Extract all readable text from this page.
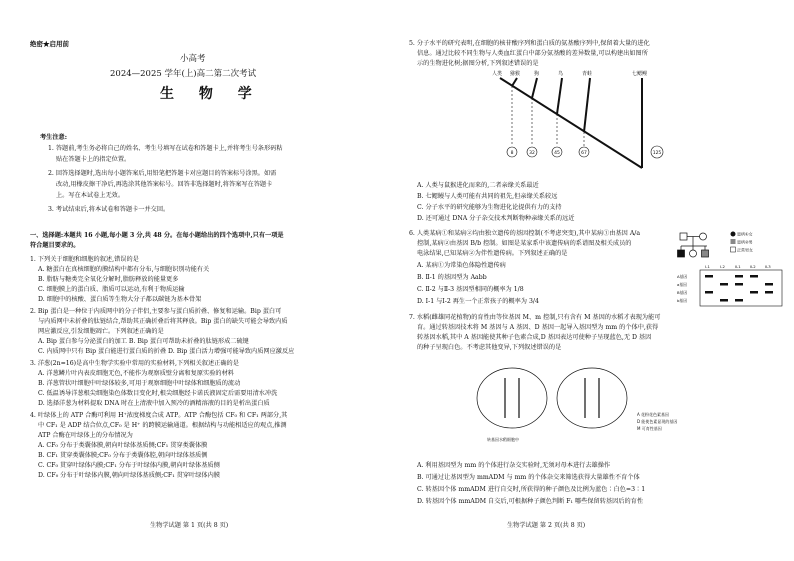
绝密★启用前
小高考
2024—2025 学年(上)高二第二次考试
生 物 学
考生注意:
1. 答题前,考生务必将自己的姓名、考生号填写在试卷和答题卡上,并将考生号条形码粘
贴在答题卡上的指定位置。
2. 回答选择题时,选出每小题答案后,用铅笔把答题卡对应题目的答案标号涂黑。如需
改动,用橡皮擦干净后,再选涂其他答案标号。回答非选择题时,将答案写在答题卡
上。写在本试卷上无效。
3. 考试结束后,将本试卷和答题卡一并交回。
一、选择题:本题共 16 小题,每小题 3 分,共 48 分。在每小题给出的四个选项中,只有一项是
符合题目要求的。
1. 下列关于细胞和细胞的叙述,错误的是
A. 糖蛋白在真核细胞的膜结构中都有分布,与细胞识别功能有关
B. 脂肪与糖类完全氧化分解时,脂肪释放的能量更多
C. 细胞膜上的蛋白质、脂质可以运动,有利于物质运输
D. 细胞中的核酸、蛋白质等生物大分子都以碳链为基本骨架
2. Bip 蛋白是一种位于内质网中的分子伴侣,主要参与蛋白质折叠、修复和运输。Bip 蛋白可
与内质网中未折叠的肽链结合,帮助其正确折叠后将其释放。Bip 蛋白的缺失可能会导致内质
网应激反应,引发细胞凋亡。下列叙述正确的是
A. Bip 蛋白参与分泌蛋白的加工 B. Bip 蛋白可帮助未折叠的肽链形成二硫键
C. 内质网中只有 Bip 蛋白能进行蛋白质的折叠 D. Bip 蛋白活力增强可能导致内质网应激反应
3. 洋葱(2n=16)是高中生物学实验中常用的实验材料,下列相关叙述正确的是
A. 洋葱鳞片叶内表皮细胞无色,不能作为观察质壁分离和复原实验的材料
B. 洋葱管状叶细胞中叶绿体较多,可用于观察细胞中叶绿体和细胞质的流动
C. 低温诱导洋葱根尖细胞染色体数目变化时,根尖细胞经卡诺氏液固定后需要用清水冲洗
D. 选择洋葱为材料提取 DNA 时在上清液中加入预冷的酒精溶液的目的是析出蛋白质
4. 叶绿体上的 ATP 合酶可利用 H⁺浓度梯度合成 ATP。ATP 合酶包括 CF₀ 和 CF₁ 两部分,其
中 CF₁ 是 ADP 结合位点,CF₀ 是 H⁺ 的跨膜运输通道。根据结构与功能相适应的观点,推测
ATP 合酶在叶绿体上的分布情况为
A. CF₀ 分布于类囊体膜,朝向叶绿体基质侧;CF₁ 贯穿类囊体膜
B. CF₁ 贯穿类囊体膜;CF₀ 分布于类囊体腔,朝向叶绿体基质侧
C. CF₀ 贯穿叶绿体内膜;CF₁ 分布于叶绿体内膜,朝向叶绿体基质侧
D. CF₀ 分布于叶绿体内膜,朝向叶绿体基质侧;CF₁ 贯穿叶绿体内膜
生物学试题 第 1 页(共 8 页)
5. 分子水平的研究表明,在细胞的核苷酸序列和蛋白质的氨基酸序列中,保留着大量的进化
信息。通过比较不同生物与人类血红蛋白中部分氨基酸的差异数量,可以构建出如图所
示的生物进化树;据图分析,下列叙述错误的是
人类 猕猴	狗	鸟	青蛙	七鳃鳗
8	32	45	67	125
A. 人类与鼠猴进化而来的,二者亲缘关系最近
B. 七鳃鳗与人类可能有共同的祖先,但亲缘关系较远
C. 分子水平的研究能够为生物进化论提供有力的支持
D. 还可通过 DNA 分子杂交技术判断物种亲缘关系的远近
6. 人类某病①和某病②均由独立遗传的基因控制(不考虑突变),其中某病①由基因 A/a
控制,某病②由基因 B/b 控制。如图是某家系中该遗传病的系谱图及相关成员的
电泳结果,已知某病②为伴性遗传病。下列叙述正确的是
A. 某病①为常染色体隐性遗传病
B. Ⅱ-1 的基因型为 Aabb
C. Ⅱ-2 与Ⅱ-3 基因型相同的概率为 1/8
D. Ⅰ-1 与Ⅰ-2 再生一个正常孩子的概率为 3/4
患病①女
患病②男
正常男女
Ⅰ-1	Ⅰ-2	Ⅱ-1 Ⅱ-2 Ⅱ-3
A基因
a基因
B基因
b基因
7. 水稻(雌雄同花植物)的育性由等位基因 M、m 控制,只有含有 M 基因的水稻才表现为能可
育。通过转基因技术将 M 基因与 A 基因、D 基因一起导入基因型为 mm 的个体中,获得
转基因水稻,其中 A 基因能使其种子色素合成,D 基因表达可使种子呈现蓝色,无 D 基因
的种子呈现白色。不考虑其他变异,下列叙述错误的是
A 花粉花色素基因
D 能使色素显现的基因
M 可育性基因
转基因水稻细胞中
A. 利用基因型为 mm 的个体进行杂交实验时,无须对母本进行去雄操作
B. 可通过让基因型为 mmADM 与 mm 的个体杂交来筛选获得大量雄性不育个体
C. 转基因个体 mmADM 进行自交时,所获得的种子颜色及比例为蓝色∶白色=3∶1
D. 转基因个体 mmADM 自交后,可根据种子颜色判断 F₁ 哪些保留转基因后的育性
生物学试题 第 2 页(共 8 页)
